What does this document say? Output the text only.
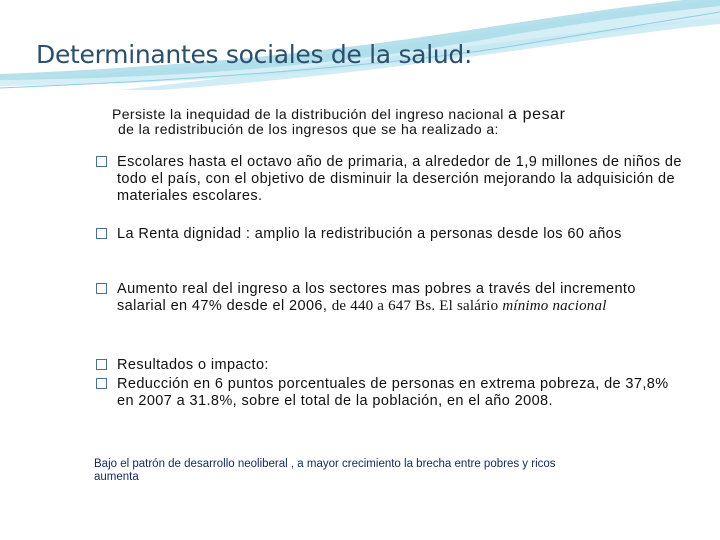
Determinantes sociales de la salud:
Persiste la inequidad de la distribución del ingreso nacional a pesar
de la redistribución de los ingresos que se ha realizado a:
Escolares hasta el octavo año de primaria, a alrededor de 1,9 millones de niños de todo el país, con el objetivo de disminuir la deserción mejorando la adquisición de materiales escolares.
La Renta dignidad : amplio la redistribución a personas desde los 60 años
Aumento real del ingreso a los sectores mas pobres a través del incremento salarial en 47% desde el 2006, de 440 a 647 Bs. El salário mínimo nacional
Resultados o impacto:
Reducción en 6 puntos porcentuales de personas en extrema pobreza, de 37,8% en 2007 a 31.8%, sobre el total de la población, en el año 2008.
Bajo el patrón de desarrollo neoliberal , a mayor crecimiento la brecha entre pobres y ricos aumenta
